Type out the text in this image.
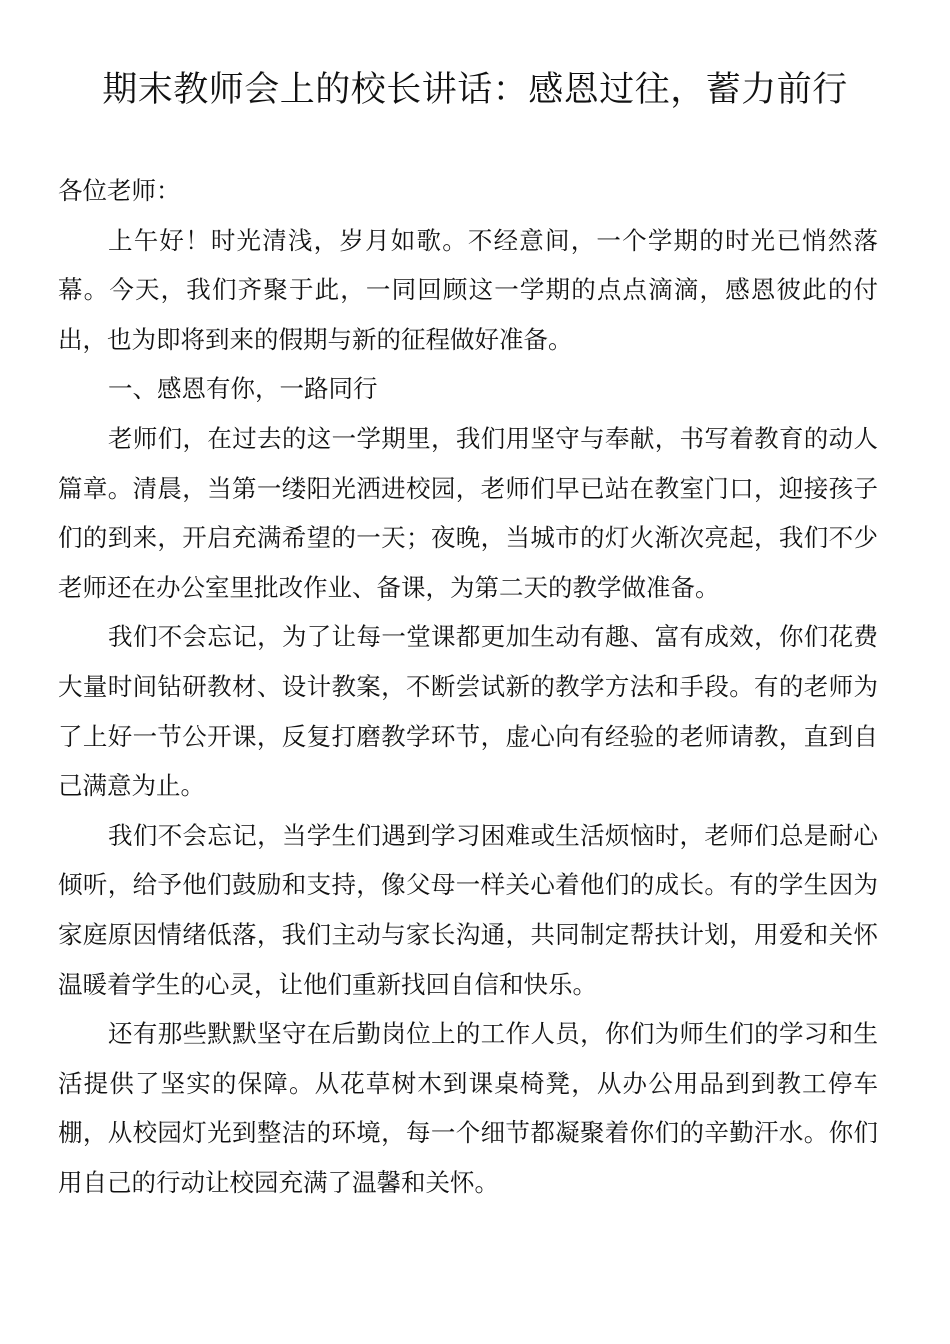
期末教师会上的校长讲话：感恩过往，蓄力前行

各位老师：

上午好！时光清浅，岁月如歌。不经意间，一个学期的时光已悄然落幕。今天，我们齐聚于此，一同回顾这一学期的点点滴滴，感恩彼此的付出，也为即将到来的假期与新的征程做好准备。

一、感恩有你，一路同行

老师们，在过去的这一学期里，我们用坚守与奉献，书写着教育的动人篇章。清晨，当第一缕阳光洒进校园，老师们早已站在教室门口，迎接孩子们的到来，开启充满希望的一天；夜晚，当城市的灯火渐次亮起，我们不少老师还在办公室里批改作业、备课，为第二天的教学做准备。

我们不会忘记，为了让每一堂课都更加生动有趣、富有成效，你们花费大量时间钻研教材、设计教案，不断尝试新的教学方法和手段。有的老师为了上好一节公开课，反复打磨教学环节，虚心向有经验的老师请教，直到自己满意为止。

我们不会忘记，当学生们遇到学习困难或生活烦恼时，老师们总是耐心倾听，给予他们鼓励和支持，像父母一样关心着他们的成长。有的学生因为家庭原因情绪低落，我们主动与家长沟通，共同制定帮扶计划，用爱和关怀温暖着学生的心灵，让他们重新找回自信和快乐。

还有那些默默坚守在后勤岗位上的工作人员，你们为师生们的学习和生活提供了坚实的保障。从花草树木到课桌椅凳，从办公用品到到教工停车棚，从校园灯光到整洁的环境，每一个细节都凝聚着你们的辛勤汗水。你们用自己的行动让校园充满了温馨和关怀。
